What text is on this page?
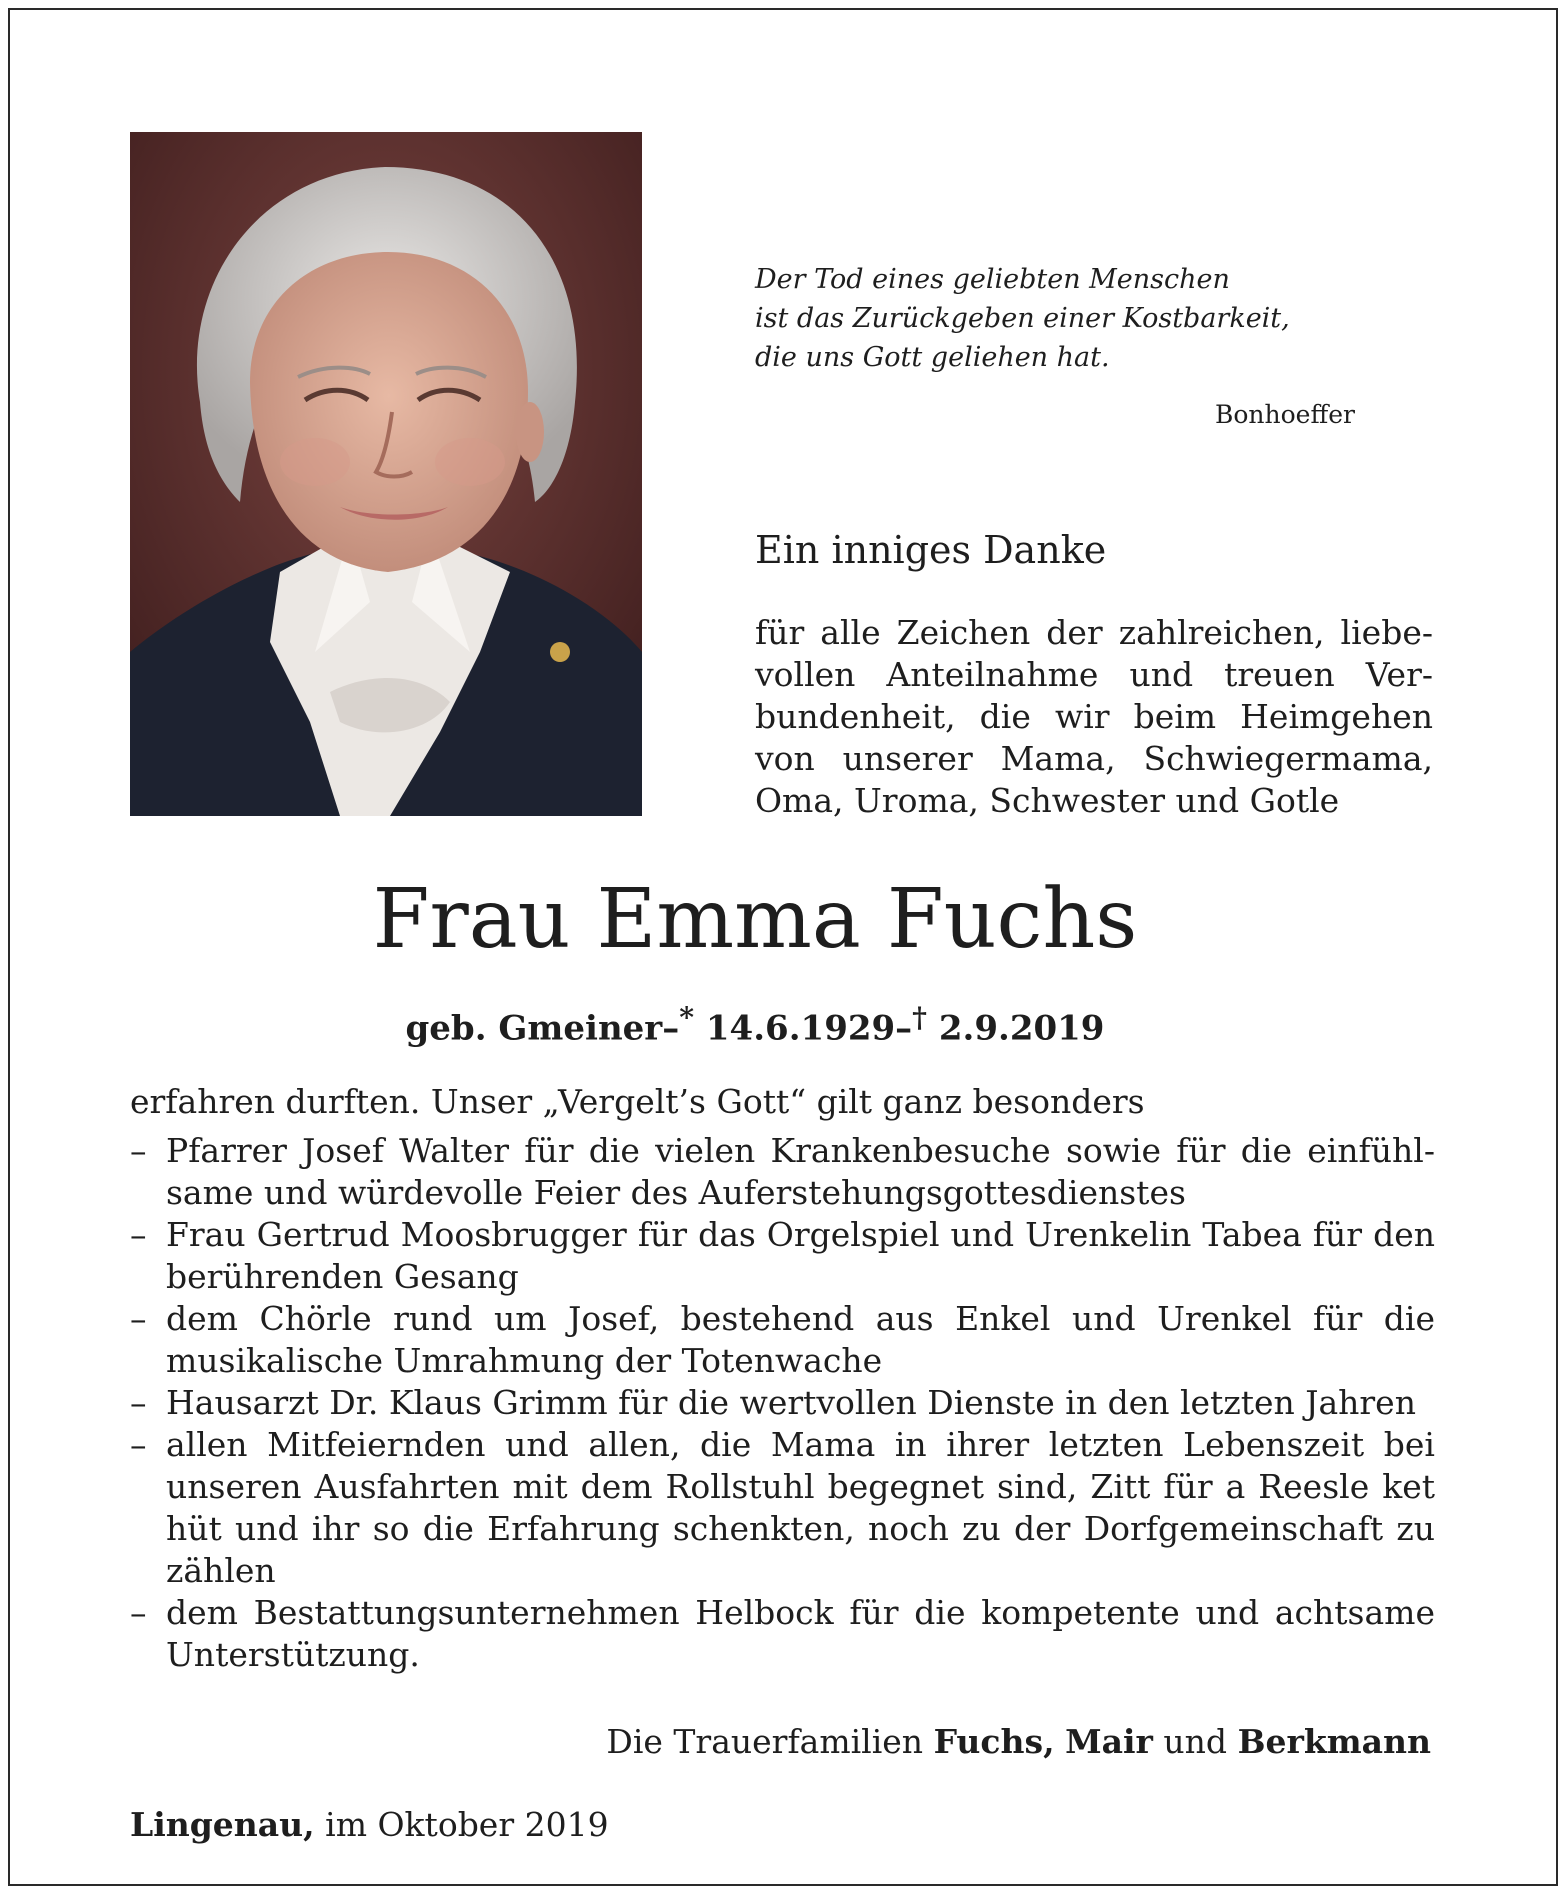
Der Tod eines geliebten Menschen
ist das Zurückgeben einer Kostbarkeit,
die uns Gott geliehen hat.
Bonhoeffer
Ein inniges Danke
für alle Zeichen der zahlreichen, liebe-
vollen Anteilnahme und treuen Ver-
bundenheit, die wir beim Heimgehen
von unserer Mama, Schwiegermama,
Oma, Uroma, Schwester und Gotle
Frau Emma Fuchs
geb. Gmeiner–* 14.6.1929–† 2.9.2019
erfahren durften. Unser „Vergelt’s Gott“ gilt ganz besonders
– Pfarrer Josef Walter für die vielen Krankenbesuche sowie für die einfühl-
same und würdevolle Feier des Auferstehungsgottesdienstes
– Frau Gertrud Moosbrugger für das Orgelspiel und Urenkelin Tabea für den
berührenden Gesang
– dem Chörle rund um Josef, bestehend aus Enkel und Urenkel für die
musikalische Umrahmung der Totenwache
– Hausarzt Dr. Klaus Grimm für die wertvollen Dienste in den letzten Jahren
– allen Mitfeiernden und allen, die Mama in ihrer letzten Lebenszeit bei
unseren Ausfahrten mit dem Rollstuhl begegnet sind, Zitt für a Reesle ket
hüt und ihr so die Erfahrung schenkten, noch zu der Dorfgemeinschaft zu
zählen
– dem Bestattungsunternehmen Helbock für die kompetente und achtsame
Unterstützung.
Die Trauerfamilien Fuchs, Mair und Berkmann
Lingenau, im Oktober 2019
